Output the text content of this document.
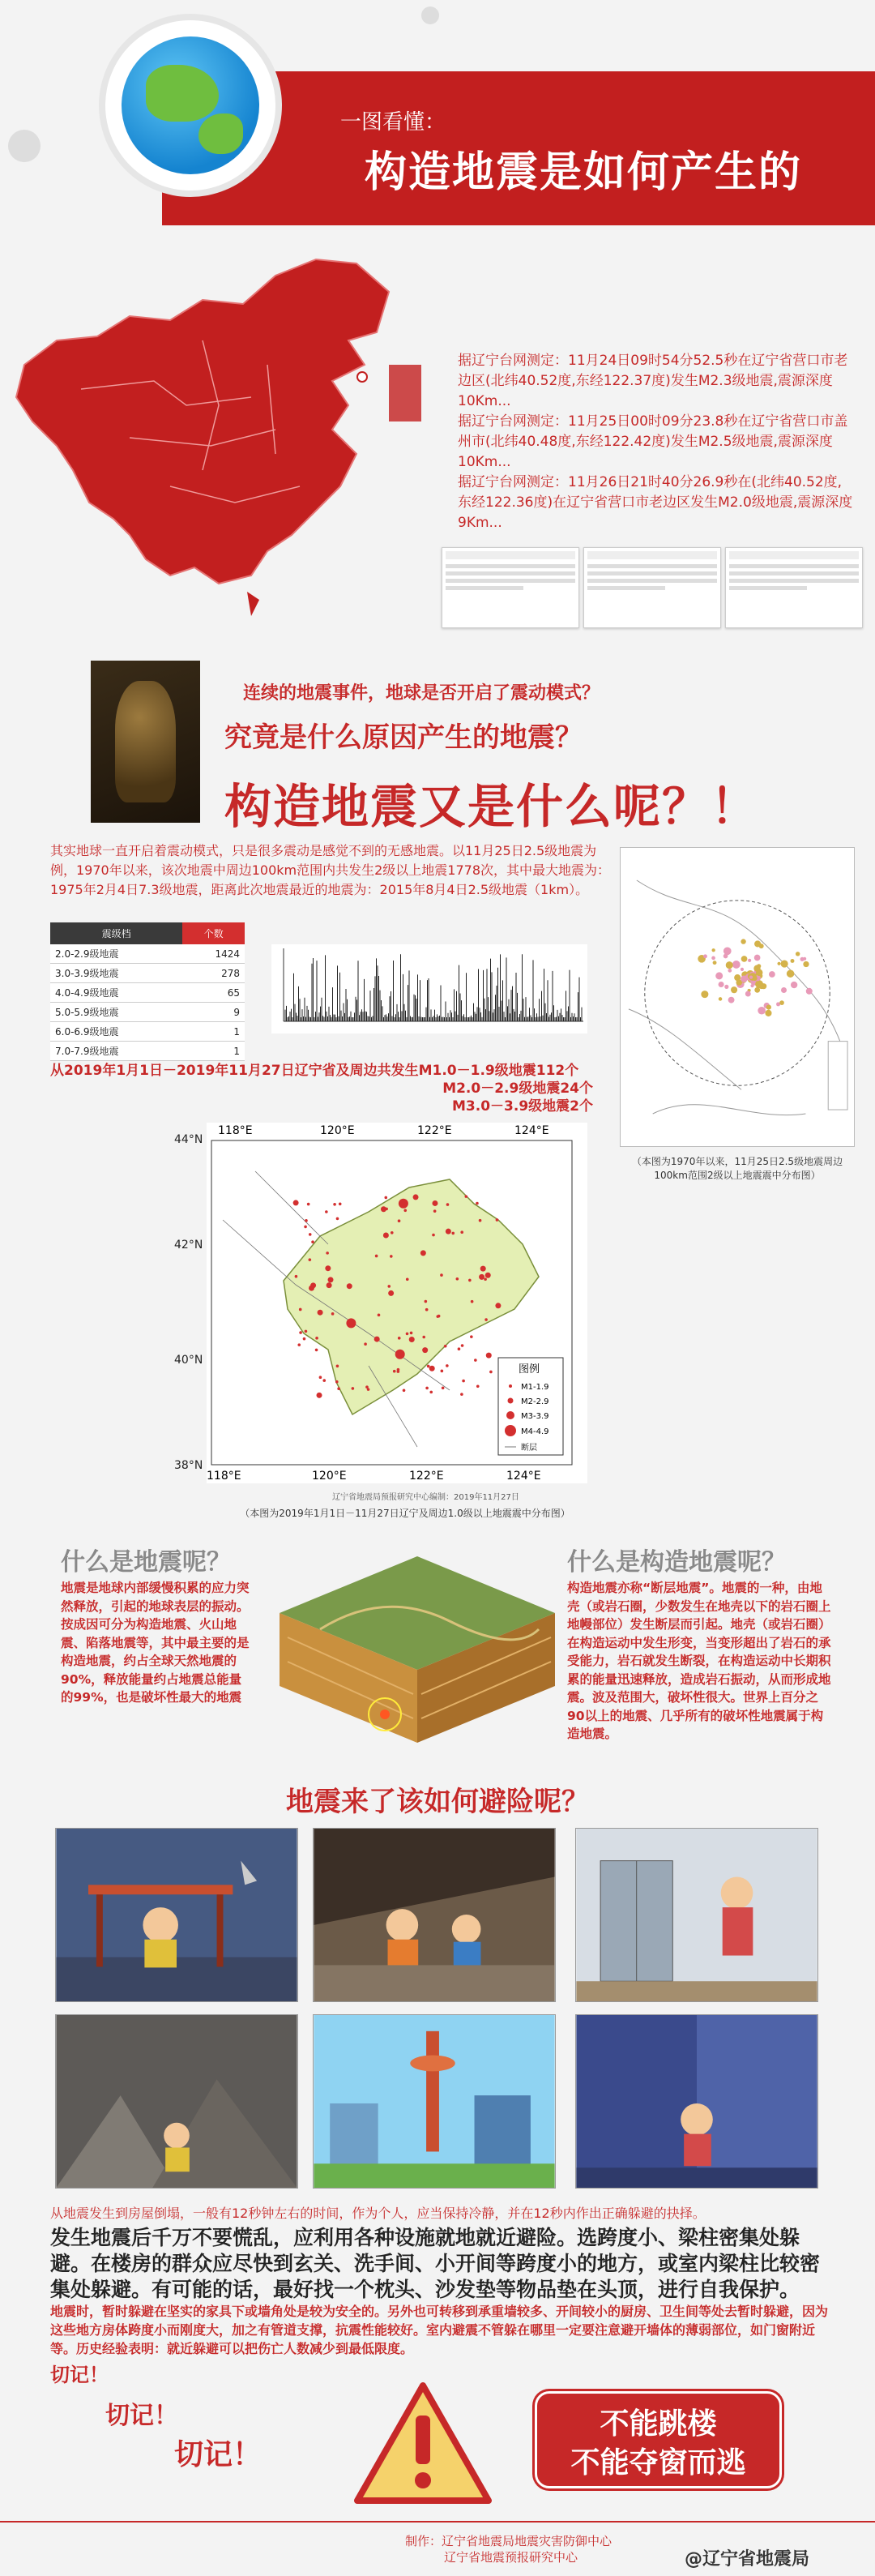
一图看懂：
构造地震是如何产生的

据辽宁台网测定：11月24日09时54分52.5秒在辽宁省营口市老边区(北纬40.52度,东经122.37度)发生M2.3级地震,震源深度10Km...

据辽宁台网测定：11月25日00时09分23.8秒在辽宁省营口市盖州市(北纬40.48度,东经122.42度)发生M2.5级地震,震源深度10Km...

据辽宁台网测定：11月26日21时40分26.9秒在(北纬40.52度,东经122.36度)在辽宁省营口市老边区发生M2.0级地震,震源深度9Km...

连续的地震事件，地球是否开启了震动模式？
究竟是什么原因产生的地震？
构造地震又是什么呢？！
其实地球一直开启着震动模式，只是很多震动是感觉不到的无感地震。以11月25日2.5级地震为例，1970年以来，该次地震中周边100km范围内共发生2级以上地震1778次，其中最大地震为：1975年2月4日7.3级地震，距离此次地震最近的地震为：2015年8月4日2.5级地震（1km）。
震级档	个数
2.0-2.9级地震	1424
3.0-3.9级地震	278
4.0-4.9级地震	65
5.0-5.9级地震	9
6.0-6.9级地震	1
7.0-7.9级地震	1
从2019年1月1日－2019年11月27日辽宁省及周边共发生M1.0－1.9级地震112个
M2.0－2.9级地震24个
M3.0－3.9级地震2个
（本图为1970年以来，11月25日2.5级地震周边100km范围2级以上地震震中分布图）
118°E	120°E	122°E	124°E
118°E	120°E	122°E	124°E
图例
M1-1.9
M2-2.9
M3-3.9
M4-4.9
断层
44°N
42°N
40°N
38°N
辽宁省地震局预报研究中心编制：2019年11月27日
（本图为2019年1月1日－11月27日辽宁及周边1.0级以上地震震中分布图）
什么是地震呢？
地震是地球内部缓慢积累的应力突然释放，引起的地球表层的振动。按成因可分为构造地震、火山地震、陷落地震等，其中最主要的是构造地震，约占全球天然地震的90%，释放能量约占地震总能量的99%，也是破坏性最大的地震
什么是构造地震呢？
构造地震亦称“断层地震”。地震的一种，由地壳（或岩石圈，少数发生在地壳以下的岩石圈上地幔部位）发生断层而引起。地壳（或岩石圈）在构造运动中发生形变，当变形超出了岩石的承受能力，岩石就发生断裂，在构造运动中长期积累的能量迅速释放，造成岩石振动，从而形成地震。波及范围大，破坏性很大。世界上百分之90以上的地震、几乎所有的破坏性地震属于构造地震。
地震来了该如何避险呢？
从地震发生到房屋倒塌，一般有12秒钟左右的时间，作为个人，应当保持冷静，并在12秒内作出正确躲避的抉择。
发生地震后千万不要慌乱，应利用各种设施就地就近避险。选跨度小、梁柱密集处躲避。在楼房的群众应尽快到玄关、洗手间、小开间等跨度小的地方，或室内梁柱比较密集处躲避。有可能的话，最好找一个枕头、沙发垫等物品垫在头顶，进行自我保护。
地震时，暂时躲避在坚实的家具下或墙角处是较为安全的。另外也可转移到承重墙较多、开间较小的厨房、卫生间等处去暂时躲避，因为这些地方房体跨度小而刚度大，加之有管道支撑，抗震性能较好。室内避震不管躲在哪里一定要注意避开墙体的薄弱部位，如门窗附近等。历史经验表明：就近躲避可以把伤亡人数减少到最低限度。
切记！
切记！
切记！
不能跳楼
不能夺窗而逃
制作：辽宁省地震局地震灾害防御中心
辽宁省地震预报研究中心	@辽宁省地震局
